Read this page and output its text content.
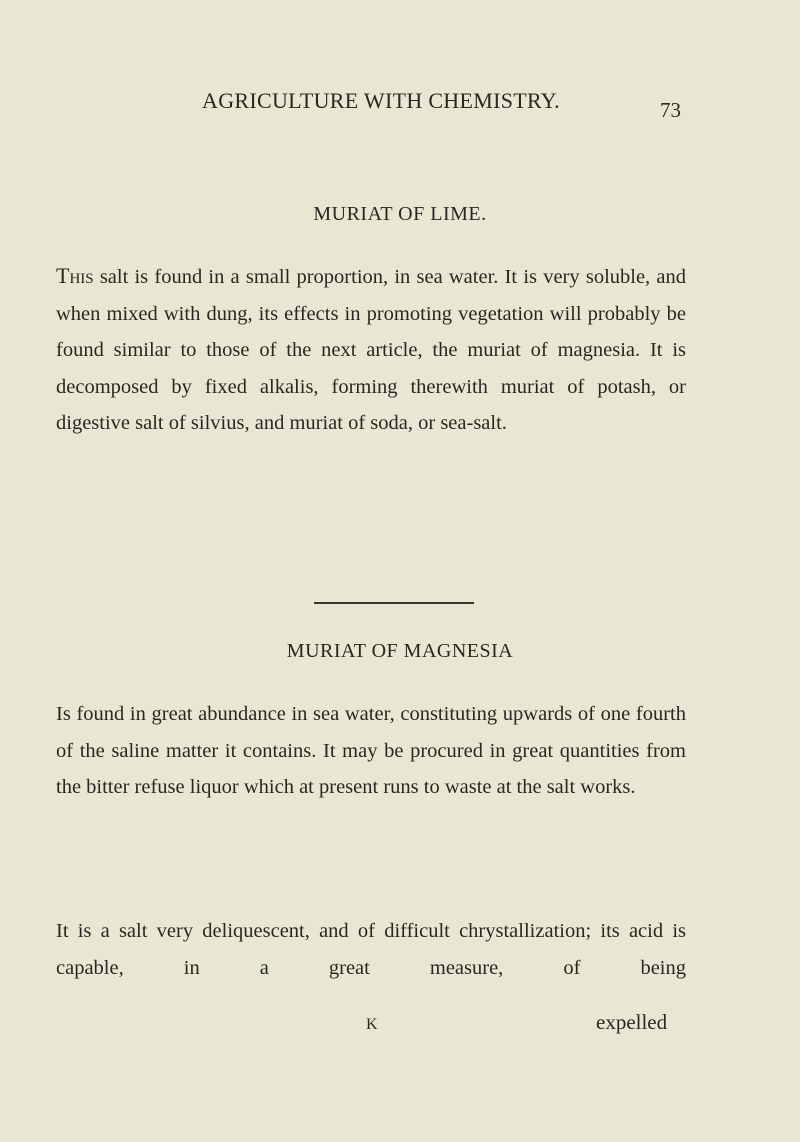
AGRICULTURE WITH CHEMISTRY.	73
MURIAT OF LIME.

This salt is found in a small proportion, in sea water. It is very soluble, and when mixed with dung, its effects in promoting vegetation will probably be found similar to those of the next article, the muriat of magnesia. It is decomposed by fixed alkalis, forming therewith muriat of potash, or digestive salt of silvius, and muriat of soda, or sea-salt.

MURIAT OF MAGNESIA

Is found in great abundance in sea water, constituting upwards of one fourth of the saline matter it contains. It may be procured in great quantities from the bitter refuse liquor which at present runs to waste at the salt works.

It is a salt very deliquescent, and of difficult chrystallization; its acid is capable, in a great measure, of being

K	expelled
